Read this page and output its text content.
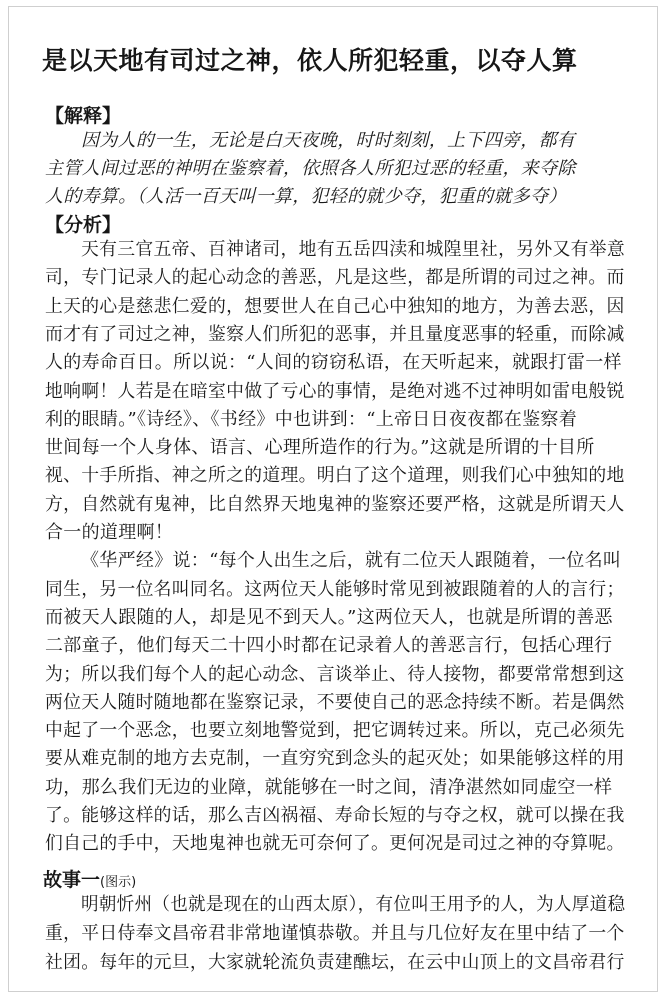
是以天地有司过之神，依人所犯轻重，以夺人算
【解释】
因为人的一生，无论是白天夜晚，时时刻刻，上下四旁，都有
主管人间过恶的神明在鉴察着，依照各人所犯过恶的轻重，来夺除
人的寿算。（人活一百天叫一算，犯轻的就少夺，犯重的就多夺）
【分析】
天有三官五帝、百神诸司，地有五岳四渎和城隍里社，另外又有举意
司，专门记录人的起心动念的善恶，凡是这些，都是所谓的司过之神。而
上天的心是慈悲仁爱的，想要世人在自己心中独知的地方，为善去恶，因
而才有了司过之神，鉴察人们所犯的恶事，并且量度恶事的轻重，而除减
人的寿命百日。所以说：“人间的窃窃私语，在天听起来，就跟打雷一样
地响啊！人若是在暗室中做了亏心的事情，是绝对逃不过神明如雷电般锐
利的眼睛。”《诗经》、《书经》中也讲到：“上帝日日夜夜都在鉴察着
世间每一个人身体、语言、心理所造作的行为。”这就是所谓的十目所
视、十手所指、神之所之的道理。明白了这个道理，则我们心中独知的地
方，自然就有鬼神，比自然界天地鬼神的鉴察还要严格，这就是所谓天人
合一的道理啊！
《华严经》说：“每个人出生之后，就有二位天人跟随着，一位名叫
同生，另一位名叫同名。这两位天人能够时常见到被跟随着的人的言行；
而被天人跟随的人，却是见不到天人。”这两位天人，也就是所谓的善恶
二部童子，他们每天二十四小时都在记录着人的善恶言行，包括心理行
为；所以我们每个人的起心动念、言谈举止、待人接物，都要常常想到这
两位天人随时随地都在鉴察记录，不要使自己的恶念持续不断。若是偶然
中起了一个恶念，也要立刻地警觉到，把它调转过来。所以，克己必须先
要从难克制的地方去克制，一直穷究到念头的起灭处；如果能够这样的用
功，那么我们无边的业障，就能够在一时之间，清净湛然如同虚空一样
了。能够这样的话，那么吉凶祸福、寿命长短的与夺之权，就可以操在我
们自己的手中，天地鬼神也就无可奈何了。更何况是司过之神的夺算呢。
故事一(图示)
明朝忻州（也就是现在的山西太原），有位叫王用予的人，为人厚道稳
重，平日侍奉文昌帝君非常地谨慎恭敬。并且与几位好友在里中结了一个
社团。每年的元旦，大家就轮流负责建醮坛，在云中山顶上的文昌帝君行
